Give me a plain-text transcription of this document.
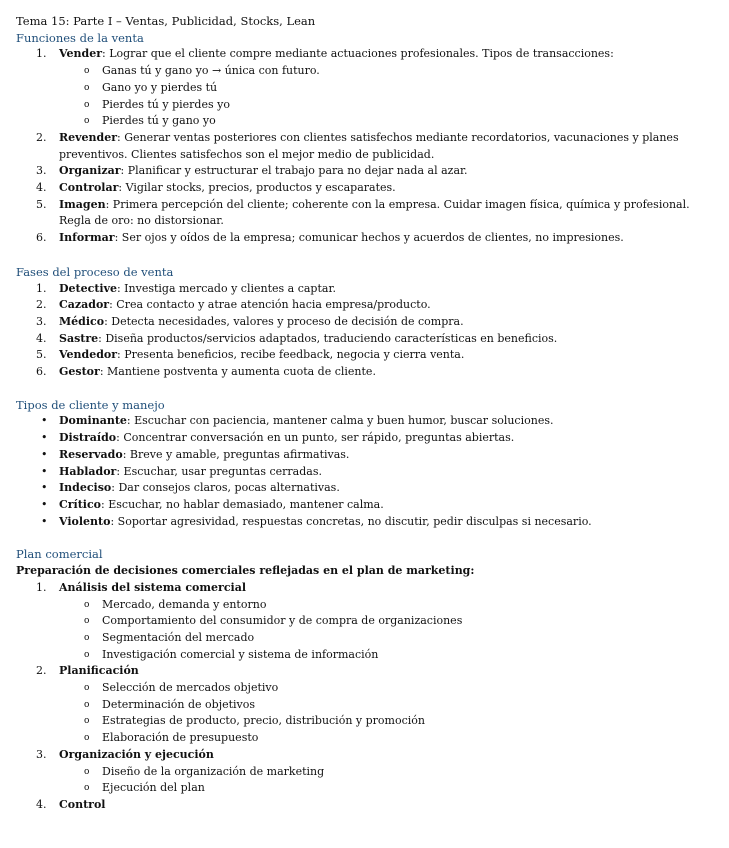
Tema 15: Parte I – Ventas, Publicidad, Stocks, Lean

Funciones de la venta

1. Vender: Lograr que el cliente compre mediante actuaciones profesionales. Tipos de transacciones:
o Ganas tú y gano yo → única con futuro.
o Gano yo y pierdes tú
o Pierdes tú y pierdes yo
o Pierdes tú y gano yo
2. Revender: Generar ventas posteriores con clientes satisfechos mediante recordatorios, vacunaciones y planes preventivos. Clientes satisfechos son el mejor medio de publicidad.
3. Organizar: Planificar y estructurar el trabajo para no dejar nada al azar.
4. Controlar: Vigilar stocks, precios, productos y escaparates.
5. Imagen: Primera percepción del cliente; coherente con la empresa. Cuidar imagen física, química y profesional. Regla de oro: no distorsionar.
6. Informar: Ser ojos y oídos de la empresa; comunicar hechos y acuerdos de clientes, no impresiones.

Fases del proceso de venta

1. Detective: Investiga mercado y clientes a captar.
2. Cazador: Crea contacto y atrae atención hacia empresa/producto.
3. Médico: Detecta necesidades, valores y proceso de decisión de compra.
4. Sastre: Diseña productos/servicios adaptados, traduciendo características en beneficios.
5. Vendedor: Presenta beneficios, recibe feedback, negocia y cierra venta.
6. Gestor: Mantiene postventa y aumenta cuota de cliente.

Tipos de cliente y manejo

• Dominante: Escuchar con paciencia, mantener calma y buen humor, buscar soluciones.
• Distraído: Concentrar conversación en un punto, ser rápido, preguntas abiertas.
• Reservado: Breve y amable, preguntas afirmativas.
• Hablador: Escuchar, usar preguntas cerradas.
• Indeciso: Dar consejos claros, pocas alternativas.
• Crítico: Escuchar, no hablar demasiado, mantener calma.
• Violento: Soportar agresividad, respuestas concretas, no discutir, pedir disculpas si necesario.

Plan comercial

Preparación de decisiones comerciales reflejadas en el plan de marketing:

1. Análisis del sistema comercial
o Mercado, demanda y entorno
o Comportamiento del consumidor y de compra de organizaciones
o Segmentación del mercado
o Investigación comercial y sistema de información
2. Planificación
o Selección de mercados objetivo
o Determinación de objetivos
o Estrategias de producto, precio, distribución y promoción
o Elaboración de presupuesto
3. Organización y ejecución
o Diseño de la organización de marketing
o Ejecución del plan
4. Control
